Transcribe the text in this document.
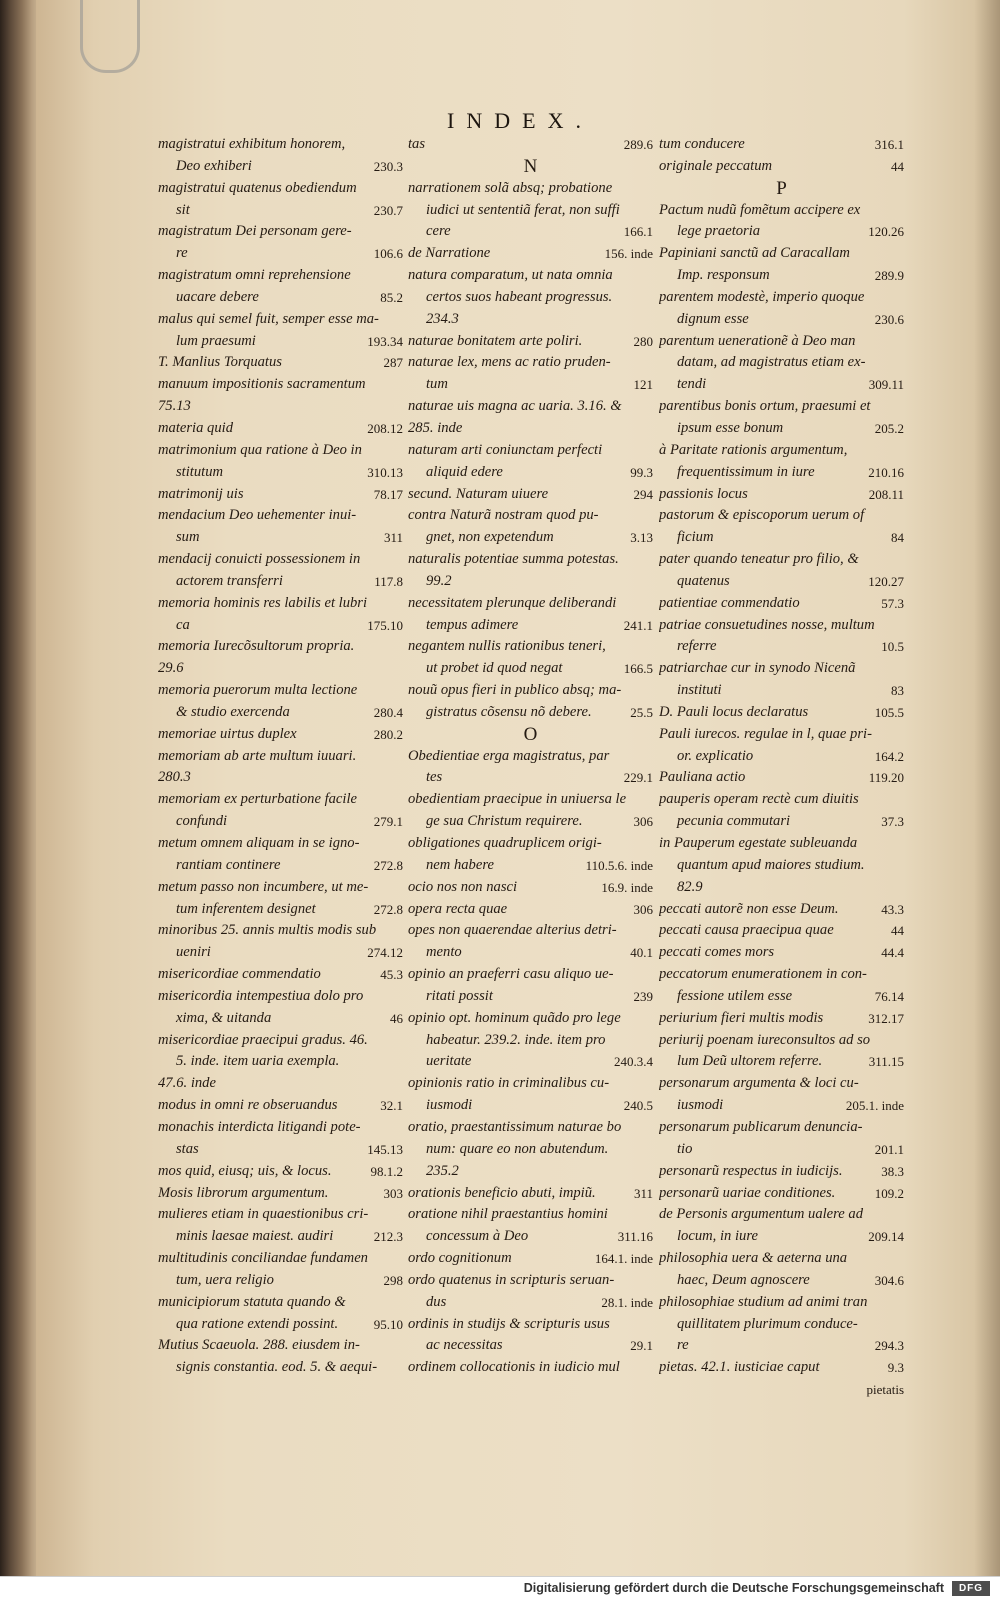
INDEX.
magistratui exhibitum honorem,
Deo exhiberi	230.3
magistratui quatenus obediendum
sit	230.7
magistratum Dei personam gere-
re	106.6
magistratum omni reprehensione
uacare debere	85.2
malus qui semel fuit, semper esse ma-
lum praesumi	193.34
T. Manlius Torquatus	287
manuum impositionis sacramentum
75.13
materia quid	208.12
matrimonium qua ratione à Deo in
stitutum	310.13
matrimonij uis	78.17
mendacium Deo uehementer inui-
sum	311
mendacij conuicti possessionem in
actorem transferri	117.8
memoria hominis res labilis et lubri
ca	175.10
memoria Iurecõsultorum propria.
29.6
memoria puerorum multa lectione
& studio exercenda	280.4
memoriae uirtus duplex	280.2
memoriam ab arte multum iuuari.
280.3
memoriam ex perturbatione facile
confundi	279.1
metum omnem aliquam in se igno-
rantiam continere	272.8
metum passo non incumbere, ut me-
tum inferentem designet	272.8
minoribus 25. annis multis modis sub
ueniri	274.12
misericordiae commendatio	45.3
misericordia intempestiua dolo pro
xima, & uitanda	46
misericordiae praecipui gradus. 46.
5. inde. item uaria exempla.
47.6. inde
modus in omni re obseruandus	32.1
monachis interdicta litigandi pote-
stas	145.13
mos quid, eiusq; uis, & locus.	98.1.2
Mosis librorum argumentum.	303
mulieres etiam in quaestionibus cri-
minis laesae maiest. audiri	212.3
multitudinis conciliandae fundamen
tum, uera religio	298
municipiorum statuta quando &
qua ratione extendi possint.	95.10
Mutius Scaeuola. 288. eiusdem in-
signis constantia. eod. 5. & aequi-
tas	289.6
N
narrationem solã absq; probatione
iudici ut sententiã ferat, non suffi
cere	166.1
de Narratione	156. inde
natura comparatum, ut nata omnia
certos suos habeant progressus.
234.3
naturae bonitatem arte poliri.	280
naturae lex, mens ac ratio pruden-
tum	121
naturae uis magna ac uaria. 3.16. &
285. inde
naturam arti coniunctam perfecti
aliquid edere	99.3
secund. Naturam uiuere	294
contra Naturã nostram quod pu-
gnet, non expetendum	3.13
naturalis potentiae summa potestas.
99.2
necessitatem plerunque deliberandi
tempus adimere	241.1
negantem nullis rationibus teneri,
ut probet id quod negat	166.5
nouũ opus fieri in publico absq; ma-
gistratus cõsensu nõ debere.	25.5
O
Obedientiae erga magistratus, par
tes	229.1
obedientiam praecipue in uniuersa le
ge sua Christum requirere.	306
obligationes quadruplicem origi-
nem habere	110.5.6. inde
ocio nos non nasci	16.9. inde
opera recta quae	306
opes non quaerendae alterius detri-
mento	40.1
opinio an praeferri casu aliquo ue-
ritati possit	239
opinio opt. hominum quãdo pro lege
habeatur. 239.2. inde. item pro
ueritate	240.3.4
opinionis ratio in criminalibus cu-
iusmodi	240.5
oratio, praestantissimum naturae bo
num: quare eo non abutendum.
235.2
orationis beneficio abuti, impiũ.	311
oratione nihil praestantius homini
concessum à Deo	311.16
ordo cognitionum	164.1. inde
ordo quatenus in scripturis seruan-
dus	28.1. inde
ordinis in studijs & scripturis usus
ac necessitas	29.1
ordinem collocationis in iudicio mul
tum conducere	316.1
originale peccatum	44
P
Pactum nudũ fomẽtum accipere ex
lege praetoria	120.26
Papiniani sanctũ ad Caracallam
Imp. responsum	289.9
parentem modestè, imperio quoque
dignum esse	230.6
parentum uenerationẽ à Deo man
datam, ad magistratus etiam ex-
tendi	309.11
parentibus bonis ortum, praesumi et
ipsum esse bonum	205.2
à Paritate rationis argumentum,
frequentissimum in iure	210.16
passionis locus	208.11
pastorum & episcoporum uerum of
ficium	84
pater quando teneatur pro filio, &
quatenus	120.27
patientiae commendatio	57.3
patriae consuetudines nosse, multum
referre	10.5
patriarchae cur in synodo Nicenã
instituti	83
D. Pauli locus declaratus	105.5
Pauli iurecos. regulae in l, quae pri-
or. explicatio	164.2
Pauliana actio	119.20
pauperis operam rectè cum diuitis
pecunia commutari	37.3
in Pauperum egestate subleuanda
quantum apud maiores studium.
82.9
peccati autorẽ non esse Deum.	43.3
peccati causa praecipua quae	44
peccati comes mors	44.4
peccatorum enumerationem in con-
fessione utilem esse	76.14
periurium fieri multis modis	312.17
periurij poenam iureconsultos ad so
lum Deũ ultorem referre.	311.15
personarum argumenta & loci cu-
iusmodi	205.1. inde
personarum publicarum denuncia-
tio	201.1
personarũ respectus in iudicijs.	38.3
personarũ uariae conditiones.	109.2
de Personis argumentum ualere ad
locum, in iure	209.14
philosophia uera & aeterna una
haec, Deum agnoscere	304.6
philosophiae studium ad animi tran
quillitatem plurimum conduce-
re	294.3
pietas. 42.1. iusticiae caput	9.3
pietatis
Digitalisierung gefördert durch die Deutsche Forschungsgemeinschaft	DFG
